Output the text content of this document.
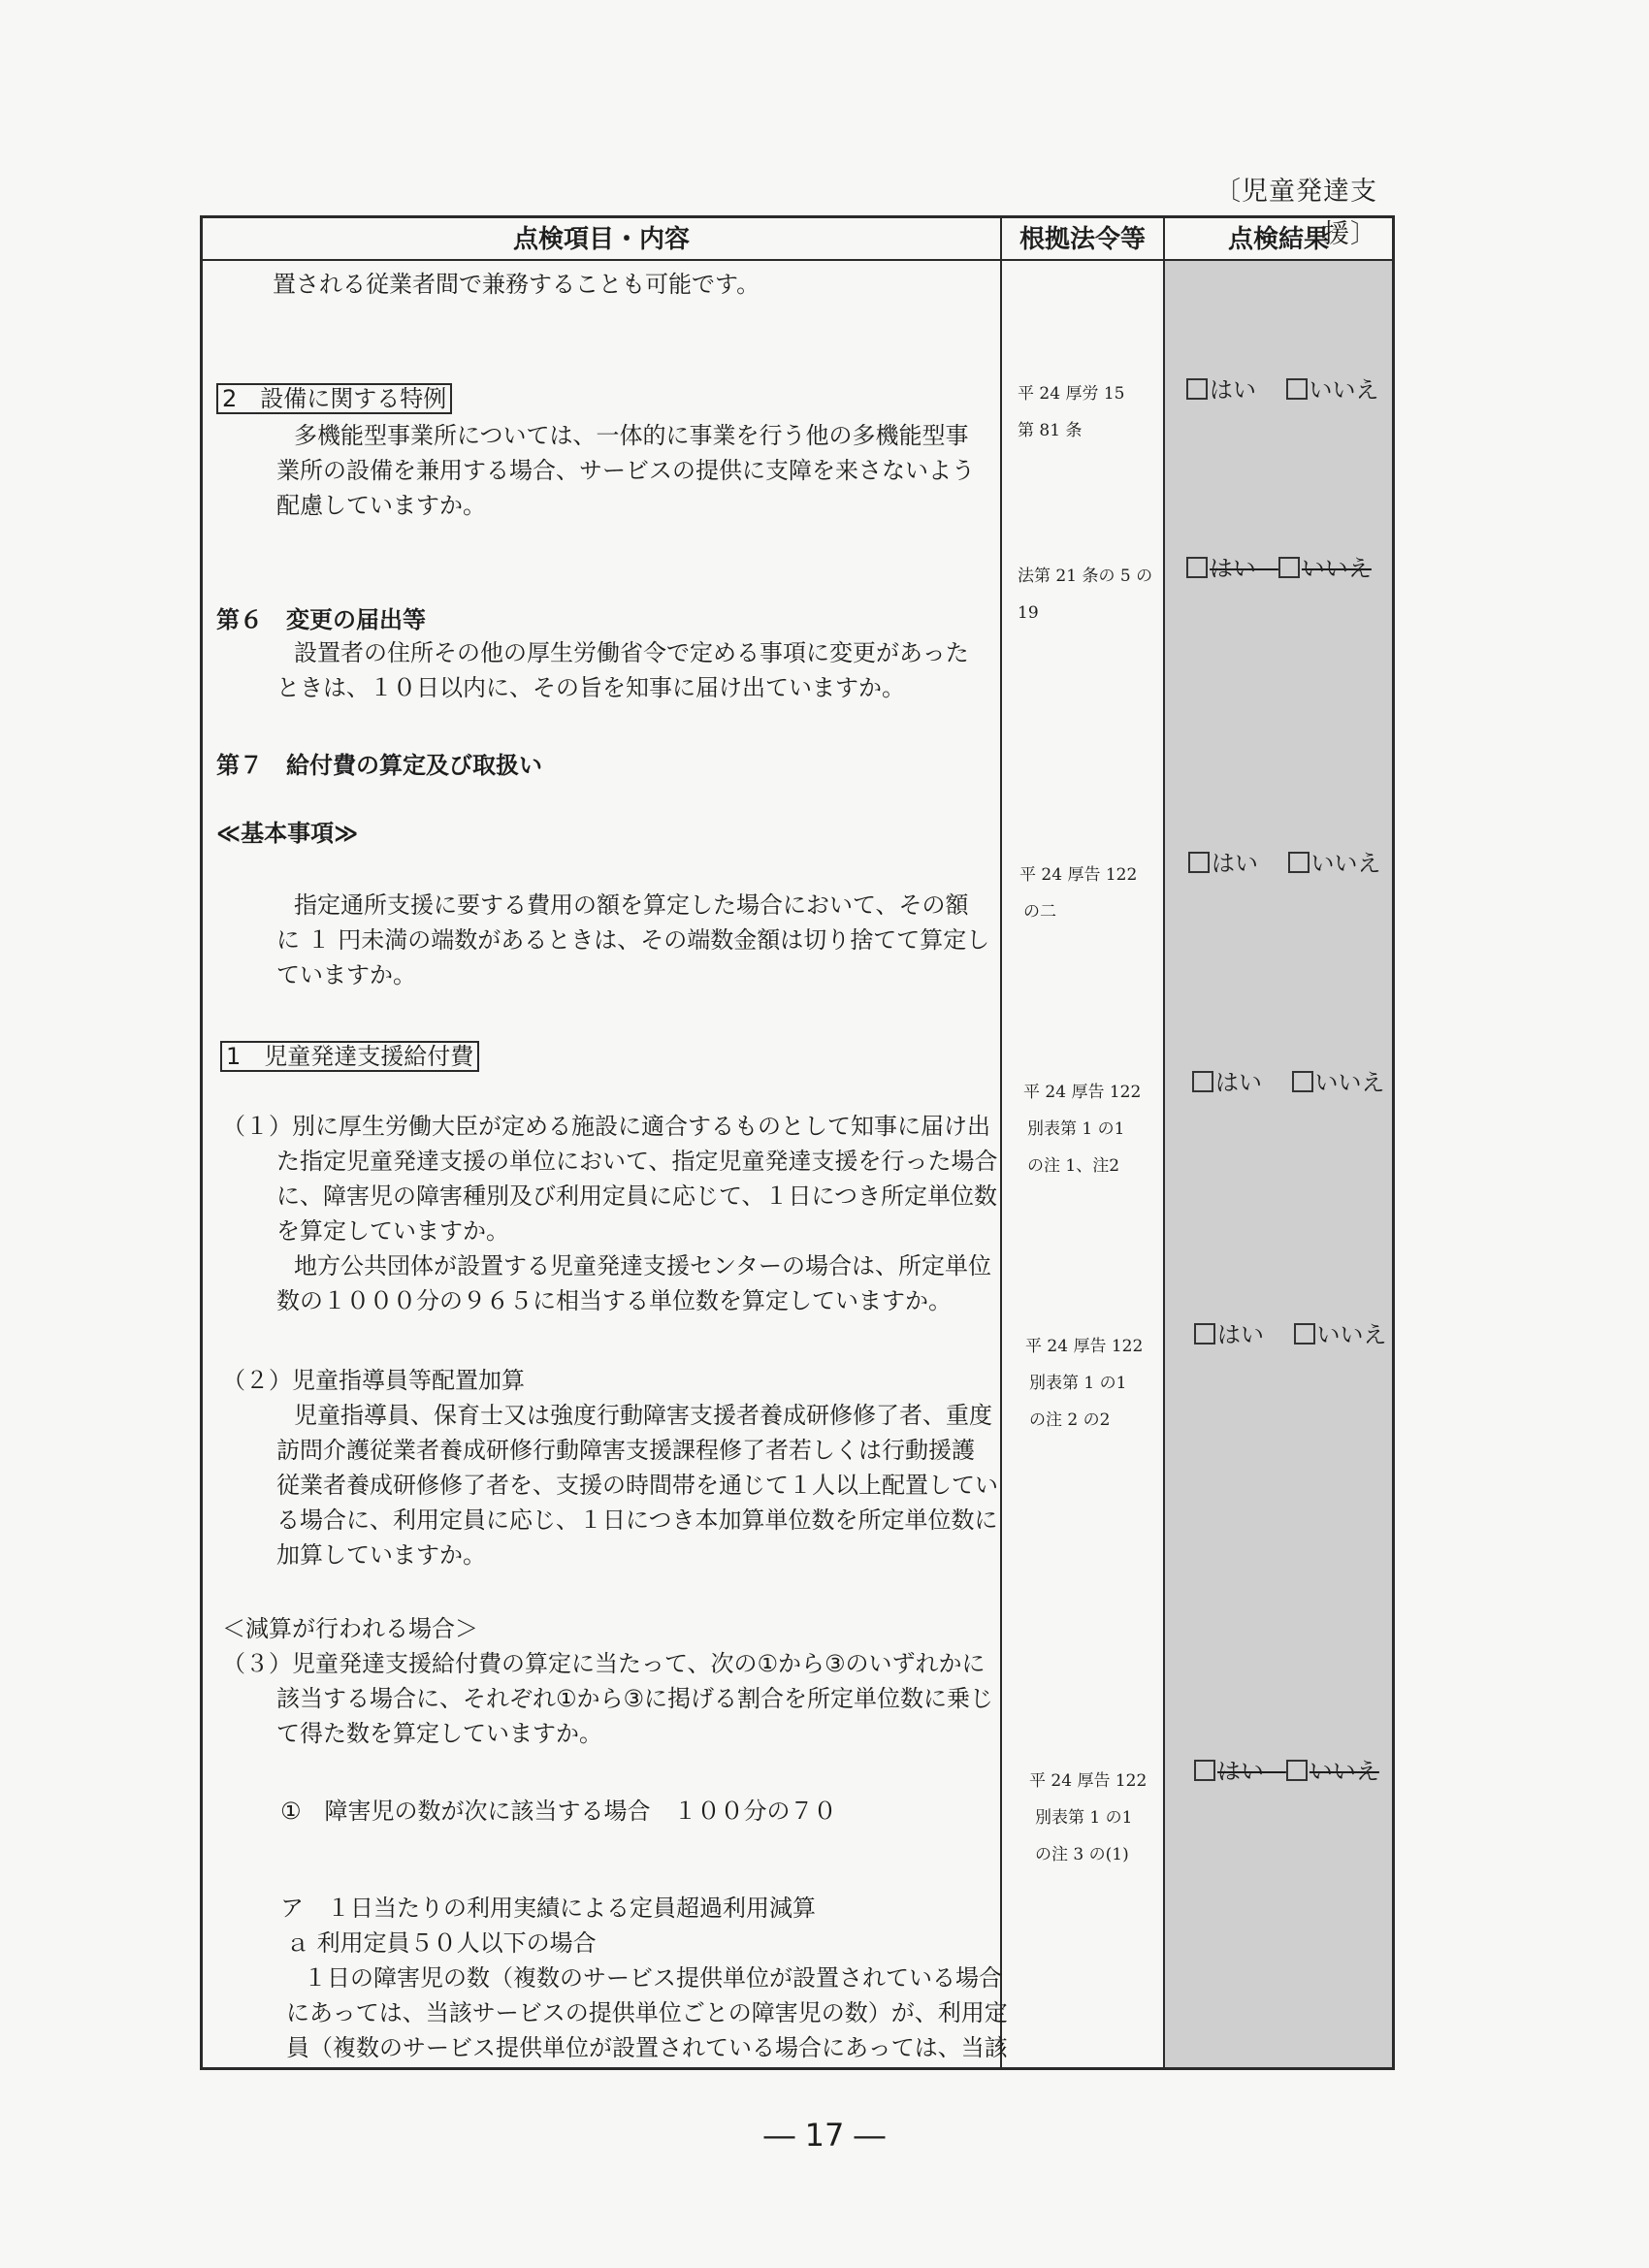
〔児童発達支援〕
点検項目・内容	根拠法令等	点検結果
置される従業者間で兼務することも可能です。
2　設備に関する特例
　多機能型事業所については、一体的に事業を行う他の多機能型事
業所の設備を兼用する場合、サービスの提供に支障を来さないよう
配慮していますか。
第６　変更の届出等
　設置者の住所その他の厚生労働省令で定める事項に変更があった
ときは、１０日以内に、その旨を知事に届け出ていますか。
第７　給付費の算定及び取扱い
≪基本事項≫
　指定通所支援に要する費用の額を算定した場合において、その額
に １ 円未満の端数があるときは、その端数金額は切り捨てて算定し
ていますか。
1　児童発達支援給付費
（１）別に厚生労働大臣が定める施設に適合するものとして知事に届け出
た指定児童発達支援の単位において、指定児童発達支援を行った場合
に、障害児の障害種別及び利用定員に応じて、１日につき所定単位数
を算定していますか。
　地方公共団体が設置する児童発達支援センターの場合は、所定単位
数の１０００分の９６５に相当する単位数を算定していますか。
（２）児童指導員等配置加算
　児童指導員、保育士又は強度行動障害支援者養成研修修了者、重度
訪問介護従業者養成研修行動障害支援課程修了者若しくは行動援護
従業者養成研修修了者を、支援の時間帯を通じて１人以上配置してい
る場合に、利用定員に応じ、１日につき本加算単位数を所定単位数に
加算していますか。
＜減算が行われる場合＞
（３）児童発達支援給付費の算定に当たって、次の①から③のいずれかに
該当する場合に、それぞれ①から③に掲げる割合を所定単位数に乗じ
て得た数を算定していますか。
①　障害児の数が次に該当する場合　１００分の７０
ア　１日当たりの利用実績による定員超過利用減算
ａ 利用定員５０人以下の場合
　１日の障害児の数（複数のサービス提供単位が設置されている場合
にあっては、当該サービスの提供単位ごとの障害児の数）が、利用定
員（複数のサービス提供単位が設置されている場合にあっては、当該
平 24 厚労 15
第 81 条
法第 21 条の 5 の
19
平 24 厚告 122
の二
平 24 厚告 122
別表第 1 の1
の注 1、注2
平 24 厚告 122
別表第 1 の1
の注 2 の2
平 24 厚告 122
別表第 1 の1
の注 3 の(1)
はい いいえ
はい いいえ
はい いいえ
はい いいえ
はい いいえ
はい いいえ
― 17 ―
